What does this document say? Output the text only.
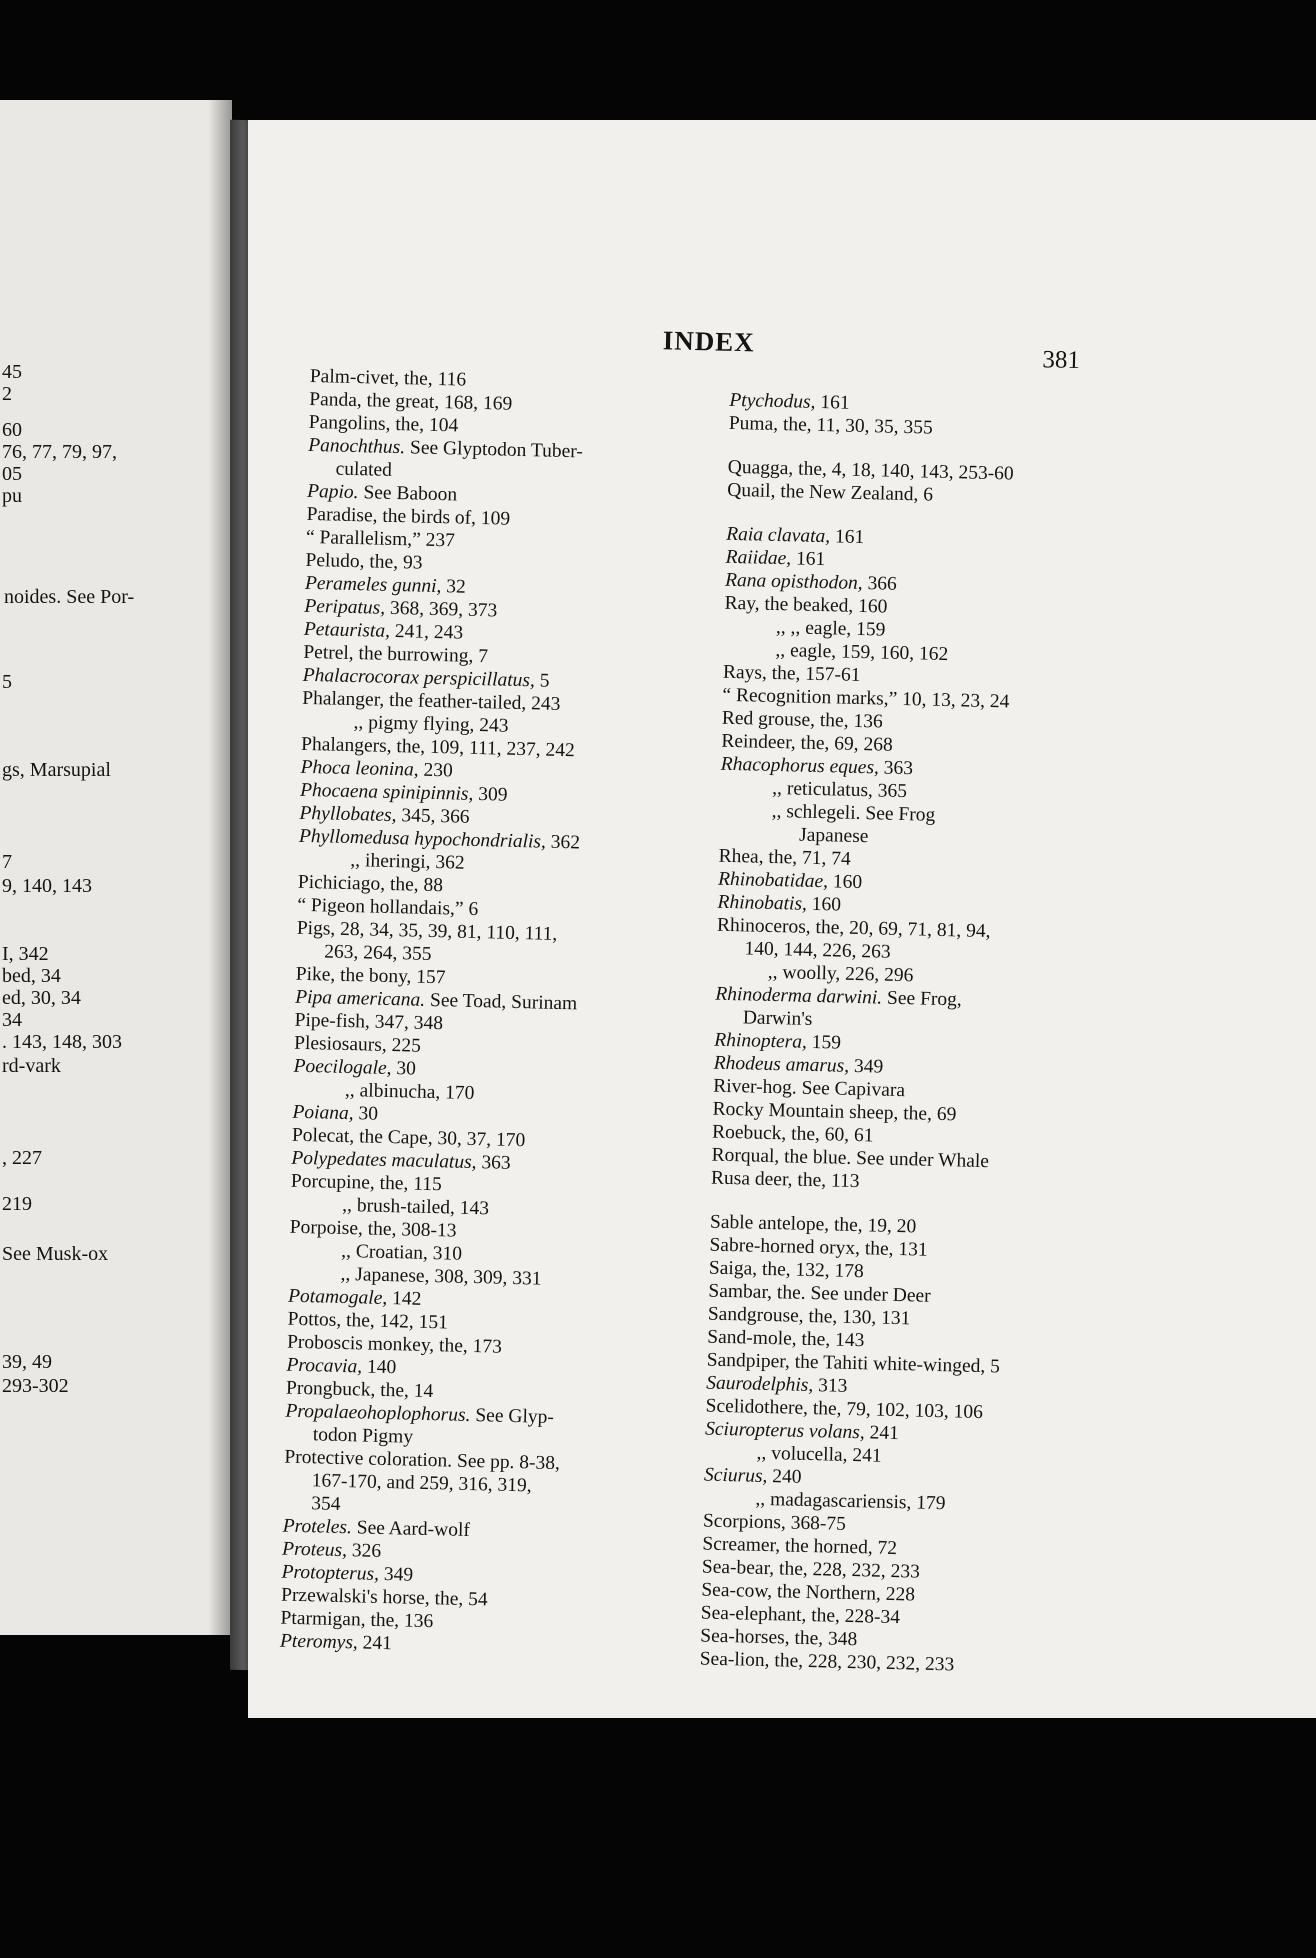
45
2
60
76, 77, 79, 97,
05
pu
noides. See Por-
5
gs, Marsupial
7
9, 140, 143
I, 342
bed, 34
ed, 30, 34
34
. 143, 148, 303
rd-vark
, 227
219
See Musk-ox
39, 49
293-302
INDEX
381
Palm-civet, the, 116
Panda, the great, 168, 169
Pangolins, the, 104
Panochthus. See Glyptodon Tuber-
culated
Papio. See Baboon
Paradise, the birds of, 109
“ Parallelism,” 237
Peludo, the, 93
Perameles gunni, 32
Peripatus, 368, 369, 373
Petaurista, 241, 243
Petrel, the burrowing, 7
Phalacrocorax perspicillatus, 5
Phalanger, the feather-tailed, 243
,, pigmy flying, 243
Phalangers, the, 109, 111, 237, 242
Phoca leonina, 230
Phocaena spinipinnis, 309
Phyllobates, 345, 366
Phyllomedusa hypochondrialis, 362
,, iheringi, 362
Pichiciago, the, 88
“ Pigeon hollandais,” 6
Pigs, 28, 34, 35, 39, 81, 110, 111,
263, 264, 355
Pike, the bony, 157
Pipa americana. See Toad, Surinam
Pipe-fish, 347, 348
Plesiosaurs, 225
Poecilogale, 30
,, albinucha, 170
Poiana, 30
Polecat, the Cape, 30, 37, 170
Polypedates maculatus, 363
Porcupine, the, 115
,, brush-tailed, 143
Porpoise, the, 308-13
,, Croatian, 310
,, Japanese, 308, 309, 331
Potamogale, 142
Pottos, the, 142, 151
Proboscis monkey, the, 173
Procavia, 140
Prongbuck, the, 14
Propalaeohoplophorus. See Glyp-
todon Pigmy
Protective coloration. See pp. 8-38,
167-170, and 259, 316, 319,
354
Proteles. See Aard-wolf
Proteus, 326
Protopterus, 349
Przewalski's horse, the, 54
Ptarmigan, the, 136
Pteromys, 241
Ptychodus, 161
Puma, the, 11, 30, 35, 355
Quagga, the, 4, 18, 140, 143, 253-60
Quail, the New Zealand, 6
Raia clavata, 161
Raiidae, 161
Rana opisthodon, 366
Ray, the beaked, 160
,, ,, eagle, 159
,, eagle, 159, 160, 162
Rays, the, 157-61
“ Recognition marks,” 10, 13, 23, 24
Red grouse, the, 136
Reindeer, the, 69, 268
Rhacophorus eques, 363
,, reticulatus, 365
,, schlegeli. See Frog
Japanese
Rhea, the, 71, 74
Rhinobatidae, 160
Rhinobatis, 160
Rhinoceros, the, 20, 69, 71, 81, 94,
140, 144, 226, 263
,, woolly, 226, 296
Rhinoderma darwini. See Frog,
Darwin's
Rhinoptera, 159
Rhodeus amarus, 349
River-hog. See Capivara
Rocky Mountain sheep, the, 69
Roebuck, the, 60, 61
Rorqual, the blue. See under Whale
Rusa deer, the, 113
Sable antelope, the, 19, 20
Sabre-horned oryx, the, 131
Saiga, the, 132, 178
Sambar, the. See under Deer
Sandgrouse, the, 130, 131
Sand-mole, the, 143
Sandpiper, the Tahiti white-winged, 5
Saurodelphis, 313
Scelidothere, the, 79, 102, 103, 106
Sciuropterus volans, 241
,, volucella, 241
Sciurus, 240
,, madagascariensis, 179
Scorpions, 368-75
Screamer, the horned, 72
Sea-bear, the, 228, 232, 233
Sea-cow, the Northern, 228
Sea-elephant, the, 228-34
Sea-horses, the, 348
Sea-lion, the, 228, 230, 232, 233
